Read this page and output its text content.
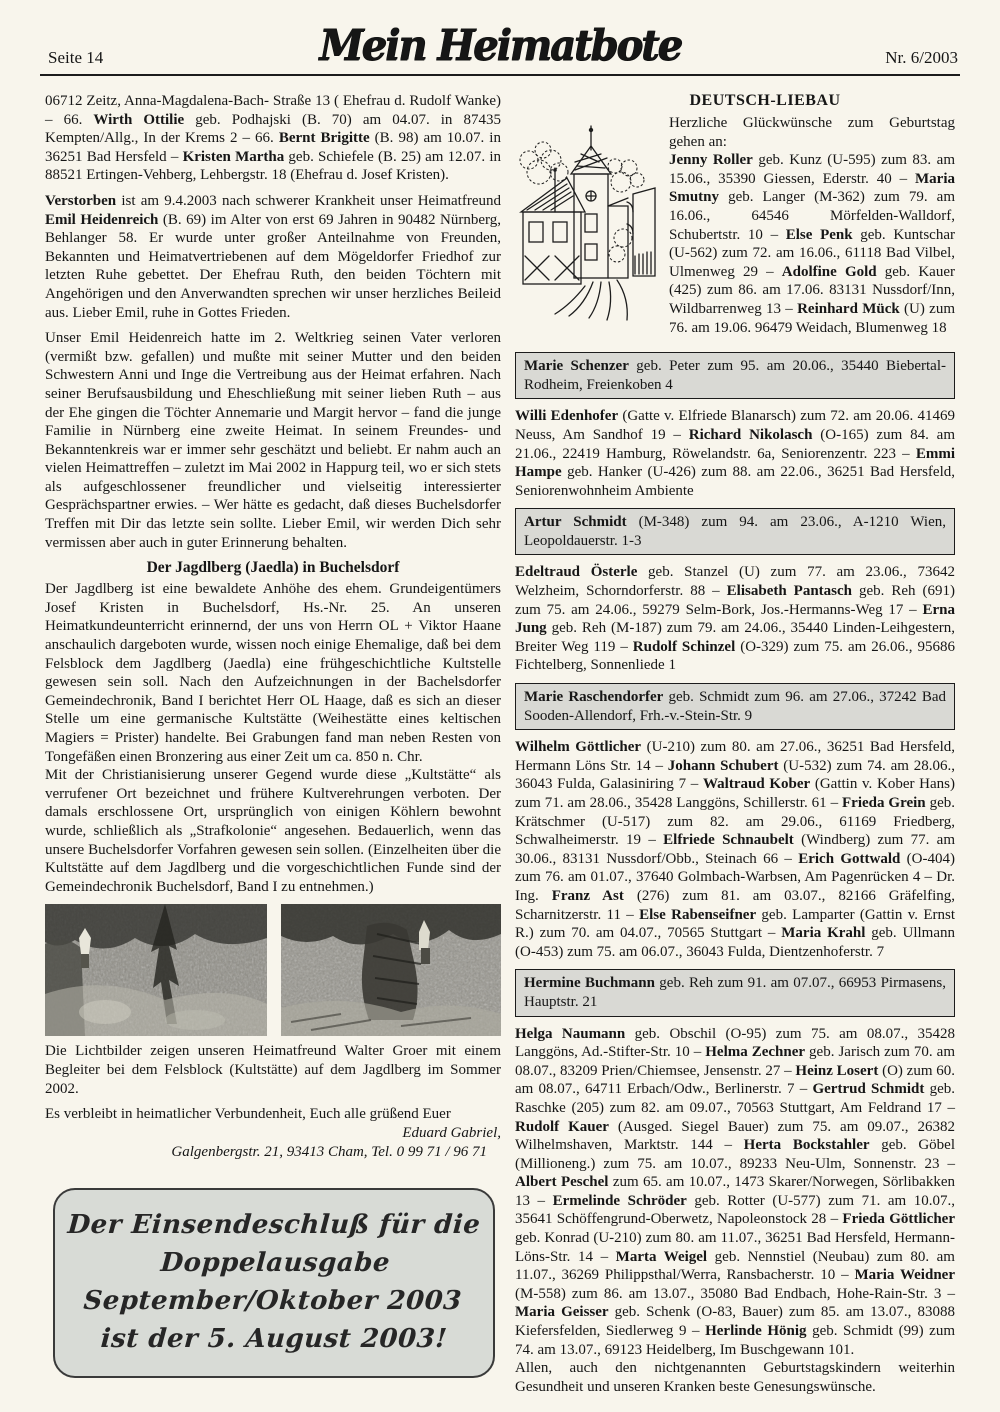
Seite 14	Mein Heimatbote	Nr. 6/2003

06712 Zeitz, Anna-Magdalena-Bach- Straße 13 ( Ehefrau d. Rudolf Wanke) – 66. Wirth Ottilie geb. Podhajski (B. 70) am 04.07. in 87435 Kempten/Allg., In der Krems 2 – 66. Bernt Brigitte (B. 98) am 10.07. in 36251 Bad Hersfeld – Kristen Martha geb. Schiefele (B. 25) am 12.07. in 88521 Ertingen-Vehberg, Lehbergstr. 18 (Ehefrau d. Josef Kristen).

Verstorben ist am 9.4.2003 nach schwerer Krankheit unser Heimatfreund Emil Heidenreich (B. 69) im Alter von erst 69 Jahren in 90482 Nürnberg, Behlanger 58. Er wurde unter großer Anteilnahme von Freunden, Bekannten und Heimatvertriebenen auf dem Mögeldorfer Friedhof zur letzten Ruhe gebettet. Der Ehefrau Ruth, den beiden Töchtern mit Angehörigen und den Anverwandten sprechen wir unser herzliches Beileid aus. Lieber Emil, ruhe in Gottes Frieden.

Unser Emil Heidenreich hatte im 2. Weltkrieg seinen Vater verloren (vermißt bzw. gefallen) und mußte mit seiner Mutter und den beiden Schwestern Anni und Inge die Vertreibung aus der Heimat erfahren. Nach seiner Berufsausbildung und Eheschließung mit seiner lieben Ruth – aus der Ehe gingen die Töchter Annemarie und Margit hervor – fand die junge Familie in Nürnberg eine zweite Heimat. In seinem Freundes- und Bekanntenkreis war er immer sehr geschätzt und beliebt. Er nahm auch an vielen Heimattreffen – zuletzt im Mai 2002 in Happurg teil, wo er sich stets als aufgeschlossener freundlicher und vielseitig interessierter Gesprächspartner erwies. – Wer hätte es gedacht, daß dieses Buchelsdorfer Treffen mit Dir das letzte sein sollte. Lieber Emil, wir werden Dich sehr vermissen aber auch in guter Erinnerung behalten.

Der Jagdlberg (Jaedla) in Buchelsdorf

Der Jagdlberg ist eine bewaldete Anhöhe des ehem. Grundeigentümers Josef Kristen in Buchelsdorf, Hs.-Nr. 25. An unseren Heimatkundeunterricht erinnernd, der uns von Herrn OL + Viktor Haane anschaulich dargeboten wurde, wissen noch einige Ehemalige, daß bei dem Felsblock dem Jagdlberg (Jaedla) eine frühgeschichtliche Kultstelle gewesen sein soll. Nach den Aufzeichnungen in der Bachelsdorfer Gemeindechronik, Band I berichtet Herr OL Haage, daß es sich an dieser Stelle um eine germanische Kultstätte (Weihestätte eines keltischen Magiers = Prister) handelte. Bei Grabungen fand man neben Resten von Tongefäßen einen Bronzering aus einer Zeit um ca. 850 n. Chr.

Mit der Christianisierung unserer Gegend wurde diese „Kultstätte“ als verrufener Ort bezeichnet und frühere Kultverehrungen verboten. Der damals erschlossene Ort, ursprünglich von einigen Köhlern bewohnt wurde, schließlich als „Strafkolonie“ angesehen. Bedauerlich, wenn das unsere Buchelsdorfer Vorfahren gewesen sein sollen. (Einzelheiten über die Kultstätte auf dem Jagdlberg und die vorgeschichtlichen Funde sind der Gemeindechronik Buchelsdorf, Band I zu entnehmen.)

Die Lichtbilder zeigen unseren Heimatfreund Walter Groer mit einem Begleiter bei dem Felsblock (Kultstätte) auf dem Jagdlberg im Sommer 2002.

Es verbleibt in heimatlicher Verbundenheit, Euch alle grüßend Euer

Eduard Gabriel,

Galgenbergstr. 21, 93413 Cham, Tel. 0 99 71 / 96 71

Der Einsendeschluß für die
Doppelausgabe September/Oktober 2003
ist der 5. August 2003!
DEUTSCH-LIEBAU

Herzliche Glückwünsche zum Geburtstag gehen an:

Jenny Roller geb. Kunz (U-595) zum 83. am 15.06., 35390 Giessen, Ederstr. 40 – Maria Smutny geb. Langer (M-362) zum 79. am 16.06., 64546 Mörfelden-Walldorf, Schubertstr. 10 – Else Penk geb. Kuntschar (U-562) zum 72. am 16.06., 61118 Bad Vilbel, Ulmenweg 29 – Adolfine Gold geb. Kauer (425) zum 86. am 17.06. 83131 Nussdorf/Inn, Wildbarrenweg 13 – Reinhard Mück (U) zum 76. am 19.06. 96479 Weidach, Blumenweg 18

Marie Schenzer geb. Peter zum 95. am 20.06., 35440 Biebertal-Rodheim, Freienkoben 4

Willi Edenhofer (Gatte v. Elfriede Blanarsch) zum 72. am 20.06. 41469 Neuss, Am Sandhof 19 – Richard Nikolasch (O-165) zum 84. am 21.06., 22419 Hamburg, Röwelandstr. 6a, Seniorenzentr. 223 – Emmi Hampe geb. Hanker (U-426) zum 88. am 22.06., 36251 Bad Hersfeld, Seniorenwohnheim Ambiente

Artur Schmidt (M-348) zum 94. am 23.06., A-1210 Wien, Leopoldauerstr. 1-3

Edeltraud Österle geb. Stanzel (U) zum 77. am 23.06., 73642 Welzheim, Schorndorferstr. 88 – Elisabeth Pantasch geb. Reh (691) zum 75. am 24.06., 59279 Selm-Bork, Jos.-Hermanns-Weg 17 – Erna Jung geb. Reh (M-187) zum 79. am 24.06., 35440 Linden-Leihgestern, Breiter Weg 119 – Rudolf Schinzel (O-329) zum 75. am 26.06., 95686 Fichtelberg, Sonnenliede 1

Marie Raschendorfer geb. Schmidt zum 96. am 27.06., 37242 Bad Sooden-Allendorf, Frh.-v.-Stein-Str. 9

Wilhelm Göttlicher (U-210) zum 80. am 27.06., 36251 Bad Hersfeld, Hermann Löns Str. 14 – Johann Schubert (U-532) zum 74. am 28.06., 36043 Fulda, Galasiniring 7 – Waltraud Kober (Gattin v. Kober Hans) zum 71. am 28.06., 35428 Langgöns, Schillerstr. 61 – Frieda Grein geb. Krätschmer (U-517) zum 82. am 29.06., 61169 Friedberg, Schwalheimerstr. 19 – Elfriede Schnaubelt (Windberg) zum 77. am 30.06., 83131 Nussdorf/Obb., Steinach 66 – Erich Gottwald (O-404) zum 76. am 01.07., 37640 Golmbach-Warbsen, Am Pagenrücken 4 – Dr. Ing. Franz Ast (276) zum 81. am 03.07., 82166 Gräfelfing, Scharnitzerstr. 11 – Else Rabenseifner geb. Lamparter (Gattin v. Ernst R.) zum 70. am 04.07., 70565 Stuttgart – Maria Krahl geb. Ullmann (O-453) zum 75. am 06.07., 36043 Fulda, Dientzenhoferstr. 7

Hermine Buchmann geb. Reh zum 91. am 07.07., 66953 Pirmasens, Hauptstr. 21

Helga Naumann geb. Obschil (O-95) zum 75. am 08.07., 35428 Langgöns, Ad.-Stifter-Str. 10 – Helma Zechner geb. Jarisch zum 70. am 08.07., 83209 Prien/Chiemsee, Jensenstr. 27 – Heinz Losert (O) zum 60. am 08.07., 64711 Erbach/Odw., Berlinerstr. 7 – Gertrud Schmidt geb. Raschke (205) zum 82. am 09.07., 70563 Stuttgart, Am Feldrand 17 – Rudolf Kauer (Ausged. Siegel Bauer) zum 75. am 09.07., 26382 Wilhelmshaven, Marktstr. 144 – Herta Bockstahler geb. Göbel (Millioneng.) zum 75. am 10.07., 89233 Neu-Ulm, Sonnenstr. 23 – Albert Peschel zum 65. am 10.07., 1473 Skarer/Norwegen, Sörlibakken 13 – Ermelinde Schröder geb. Rotter (U-577) zum 71. am 10.07., 35641 Schöffengrund-Oberwetz, Napoleonstock 28 – Frieda Göttlicher geb. Konrad (U-210) zum 80. am 11.07., 36251 Bad Hersfeld, Hermann-Löns-Str. 14 – Marta Weigel geb. Nennstiel (Neubau) zum 80. am 11.07., 36269 Philippsthal/Werra, Ransbacherstr. 10 – Maria Weidner (M-558) zum 86. am 13.07., 35080 Bad Endbach, Hohe-Rain-Str. 3 – Maria Geisser geb. Schenk (O-83, Bauer) zum 85. am 13.07., 83088 Kiefersfelden, Siedlerweg 9 – Herlinde Hönig geb. Schmidt (99) zum 74. am 13.07., 69123 Heidelberg, Im Buschgewann 101.

Allen, auch den nichtgenannten Geburtstagskindern weiterhin Gesundheit und unseren Kranken beste Genesungswünsche.
